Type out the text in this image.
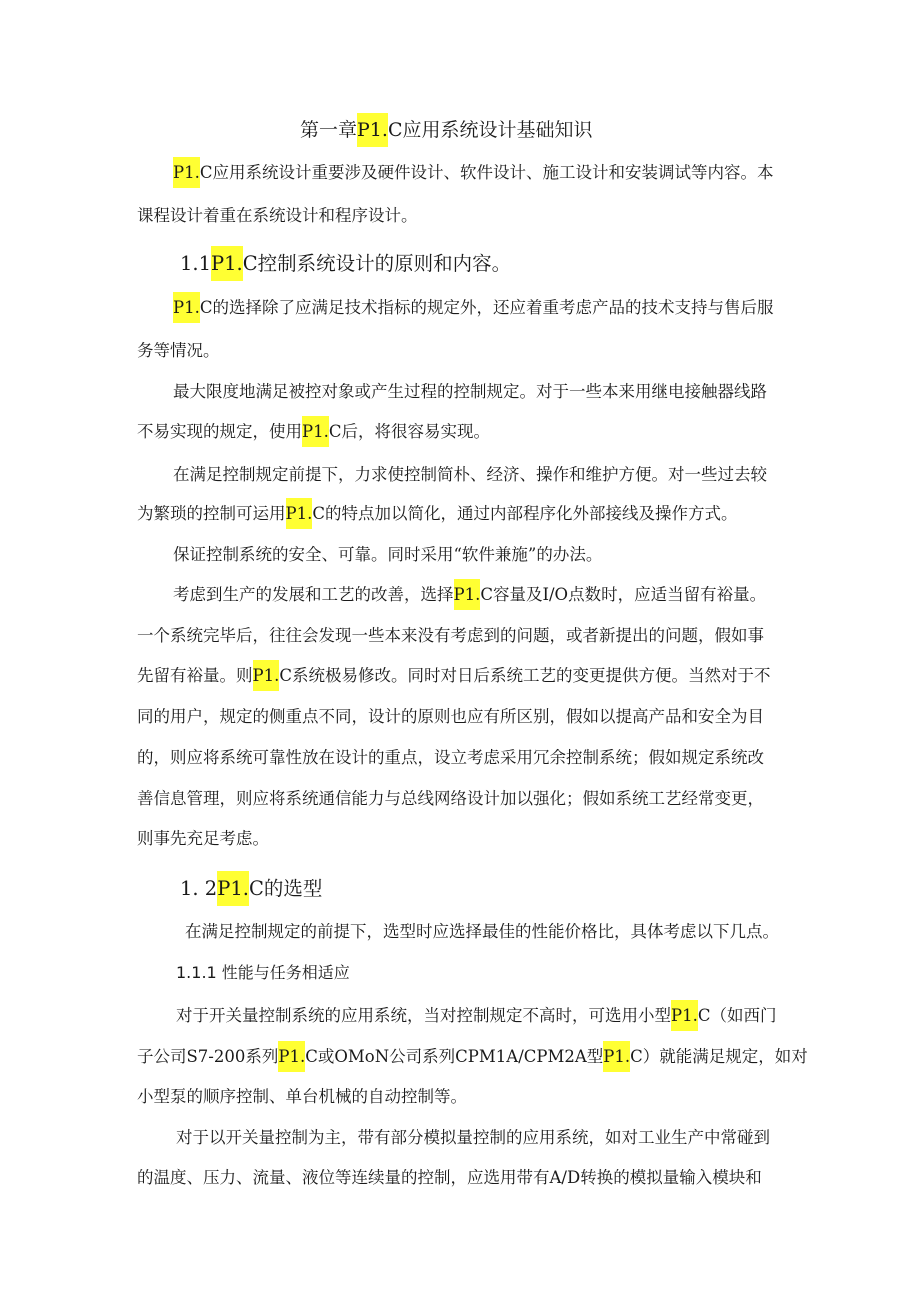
第一章P1.C应用系统设计基础知识
P1.C应用系统设计重要涉及硬件设计、软件设计、施工设计和安装调试等内容。本
课程设计着重在系统设计和程序设计。
1.1P1.C控制系统设计的原则和内容。
P1.C的选择除了应满足技术指标的规定外，还应着重考虑产品的技术支持与售后服
务等情况。
最大限度地满足被控对象或产生过程的控制规定。对于一些本来用继电接触器线路
不易实现的规定，使用P1.C后，将很容易实现。
在满足控制规定前提下，力求使控制简朴、经济、操作和维护方便。对一些过去较
为繁琐的控制可运用P1.C的特点加以简化，通过内部程序化外部接线及操作方式。
保证控制系统的安全、可靠。同时采用“软件兼施”的办法。
考虑到生产的发展和工艺的改善，选择P1.C容量及I/O点数时，应适当留有裕量。
一个系统完毕后，往往会发现一些本来没有考虑到的问题，或者新提出的问题，假如事
先留有裕量。则P1.C系统极易修改。同时对日后系统工艺的变更提供方便。当然对于不
同的用户，规定的侧重点不同，设计的原则也应有所区别，假如以提高产品和安全为目
的，则应将系统可靠性放在设计的重点，设立考虑采用冗余控制系统；假如规定系统改
善信息管理，则应将系统通信能力与总线网络设计加以强化；假如系统工艺经常变更，
则事先充足考虑。
1. 2P1.C的选型
在满足控制规定的前提下，选型时应选择最佳的性能价格比，具体考虑以下几点。
1.1.1 性能与任务相适应
对于开关量控制系统的应用系统，当对控制规定不高时，可选用小型P1.C（如西门
子公司S7-200系列P1.C或OMoN公司系列CPM1A/CPM2A型P1.C）就能满足规定，如对
小型泵的顺序控制、单台机械的自动控制等。
对于以开关量控制为主，带有部分模拟量控制的应用系统，如对工业生产中常碰到
的温度、压力、流量、液位等连续量的控制，应选用带有A/D转换的模拟量输入模块和
